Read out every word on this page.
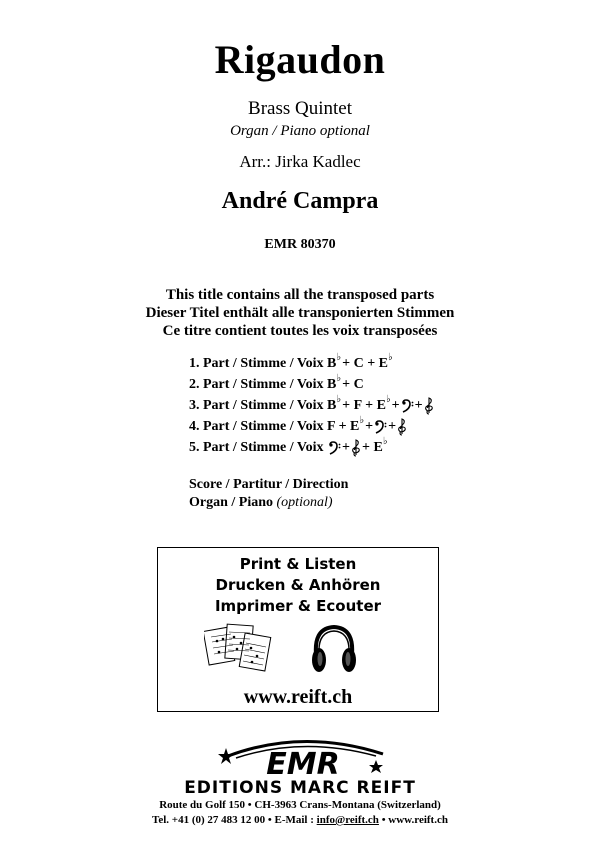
Rigaudon
Brass Quintet
Organ / Piano optional
Arr.: Jirka Kadlec
André Campra
EMR 80370
This title contains all the transposed parts
Dieser Titel enthält alle transponierten Stimmen
Ce titre contient toutes les voix transposées
1. Part / Stimme / Voix B ♭ + C + E ♭
2. Part / Stimme / Voix B ♭ + C
3. Part / Stimme / Voix B ♭ + F + E ♭ + +
4. Part / Stimme / Voix F + E ♭ + +
5. Part / Stimme / Voix + + E ♭
Score / Partitur / Direction
Organ / Piano (optional)
Print & Listen
Drucken & Anhören
Imprimer & Ecouter
www.reift.ch
EMR
EDITIONS MARC REIFT
Route du Golf 150 • CH-3963 Crans-Montana (Switzerland)
Tel. +41 (0) 27 483 12 00 • E-Mail : info@reift.ch • www.reift.ch
